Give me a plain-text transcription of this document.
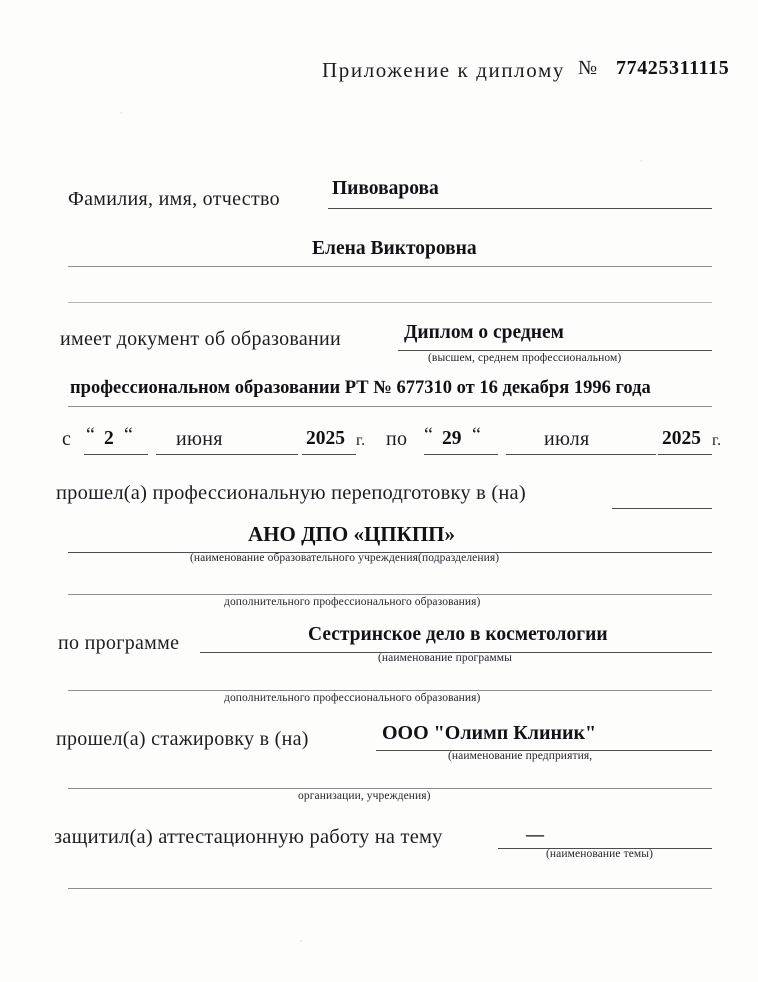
Приложение к диплому № 77425311115
Фамилия, имя, отчество	Пивоварова
Елена Викторовна
имеет документ об образовании	Диплом о среднем
(высшем, среднем профессиональном)
профессиональном образовании РТ № 677310 от 16 декабря 1996 года
с “ 2 “ июня	2025 г. по “ 29 “	июля	2025 г.
прошел(а) профессиональную переподготовку в (на)
АНО ДПО «ЦПКПП»
(наименование образовательного учреждения(подразделения)
дополнительного профессионального образования)
по программе	Сестринское дело в косметологии
(наименование программы
дополнительного профессионального образования)
прошел(а) стажировку в (на)	ООО "Олимп Клиник"
(наименование предприятия,
организации, учреждения)
защитил(а) аттестационную работу на тему	—
(наименование темы)
